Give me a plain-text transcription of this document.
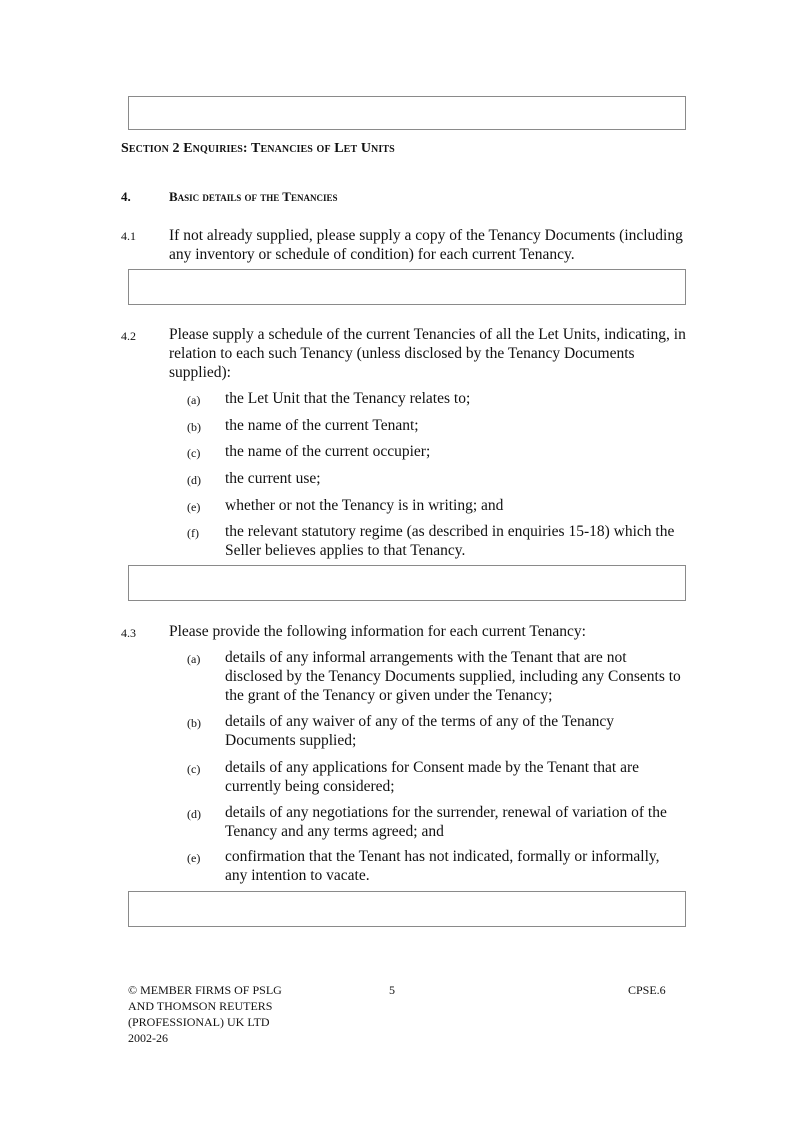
Section 2 Enquiries: Tenancies of Let Units
4.	Basic details of the Tenancies
4.1 If not already supplied, please supply a copy of the Tenancy Documents (including any inventory or schedule of condition) for each current Tenancy.
4.2 Please supply a schedule of the current Tenancies of all the Let Units, indicating, in relation to each such Tenancy (unless disclosed by the Tenancy Documents supplied):
(a) the Let Unit that the Tenancy relates to;
(b) the name of the current Tenant;
(c) the name of the current occupier;
(d) the current use;
(e) whether or not the Tenancy is in writing; and
(f) the relevant statutory regime (as described in enquiries 15-18) which the Seller believes applies to that Tenancy.
4.3 Please provide the following information for each current Tenancy:
(a) details of any informal arrangements with the Tenant that are not disclosed by the Tenancy Documents supplied, including any Consents to the grant of the Tenancy or given under the Tenancy;
(b) details of any waiver of any of the terms of any of the Tenancy Documents supplied;
(c) details of any applications for Consent made by the Tenant that are currently being considered;
(d) details of any negotiations for the surrender, renewal of variation of the Tenancy and any terms agreed; and
(e) confirmation that the Tenant has not indicated, formally or informally, any intention to vacate.
© MEMBER FIRMS OF PSLG
AND THOMSON REUTERS
(PROFESSIONAL) UK LTD
2002-26
5	CPSE.6
